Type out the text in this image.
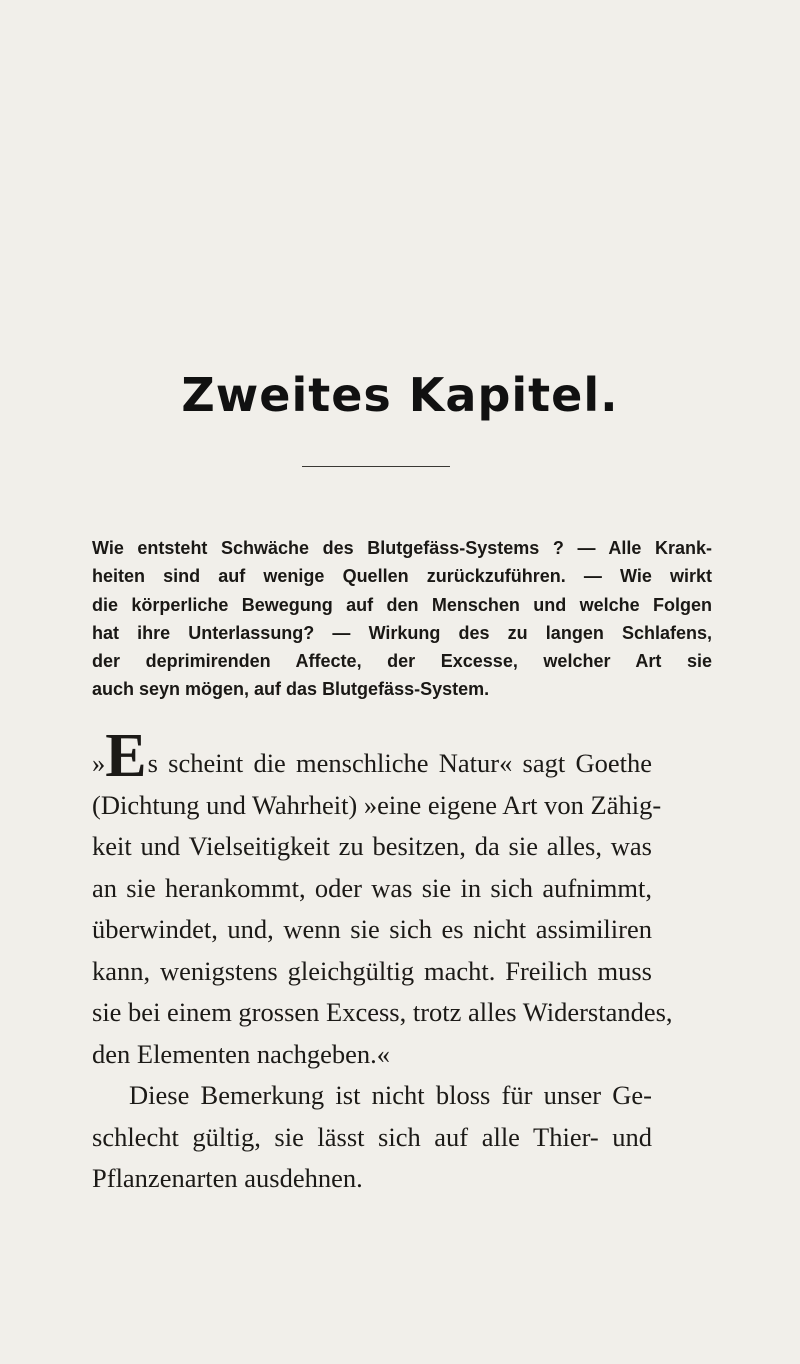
Zweites Kapitel.
Wie entsteht Schwäche des Blutgefäss-Systems ? — Alle Krank-
heiten sind auf wenige Quellen zurückzuführen. — Wie wirkt
die körperliche Bewegung auf den Menschen und welche Folgen
hat ihre Unterlassung? — Wirkung des zu langen Schlafens,
der deprimirenden Affecte, der Excesse, welcher Art sie
auch seyn mögen, auf das Blutgefäss-System.
»Es scheint die menschliche Natur« sagt Goethe
(Dichtung und Wahrheit) »eine eigene Art von Zähig-
keit und Vielseitigkeit zu besitzen, da sie alles, was
an sie herankommt, oder was sie in sich aufnimmt,
überwindet, und, wenn sie sich es nicht assimiliren
kann, wenigstens gleichgültig macht. Freilich muss
sie bei einem grossen Excess, trotz alles Widerstandes,
den Elementen nachgeben.«
Diese Bemerkung ist nicht bloss für unser Ge-
schlecht gültig, sie lässt sich auf alle Thier- und
Pflanzenarten ausdehnen.
